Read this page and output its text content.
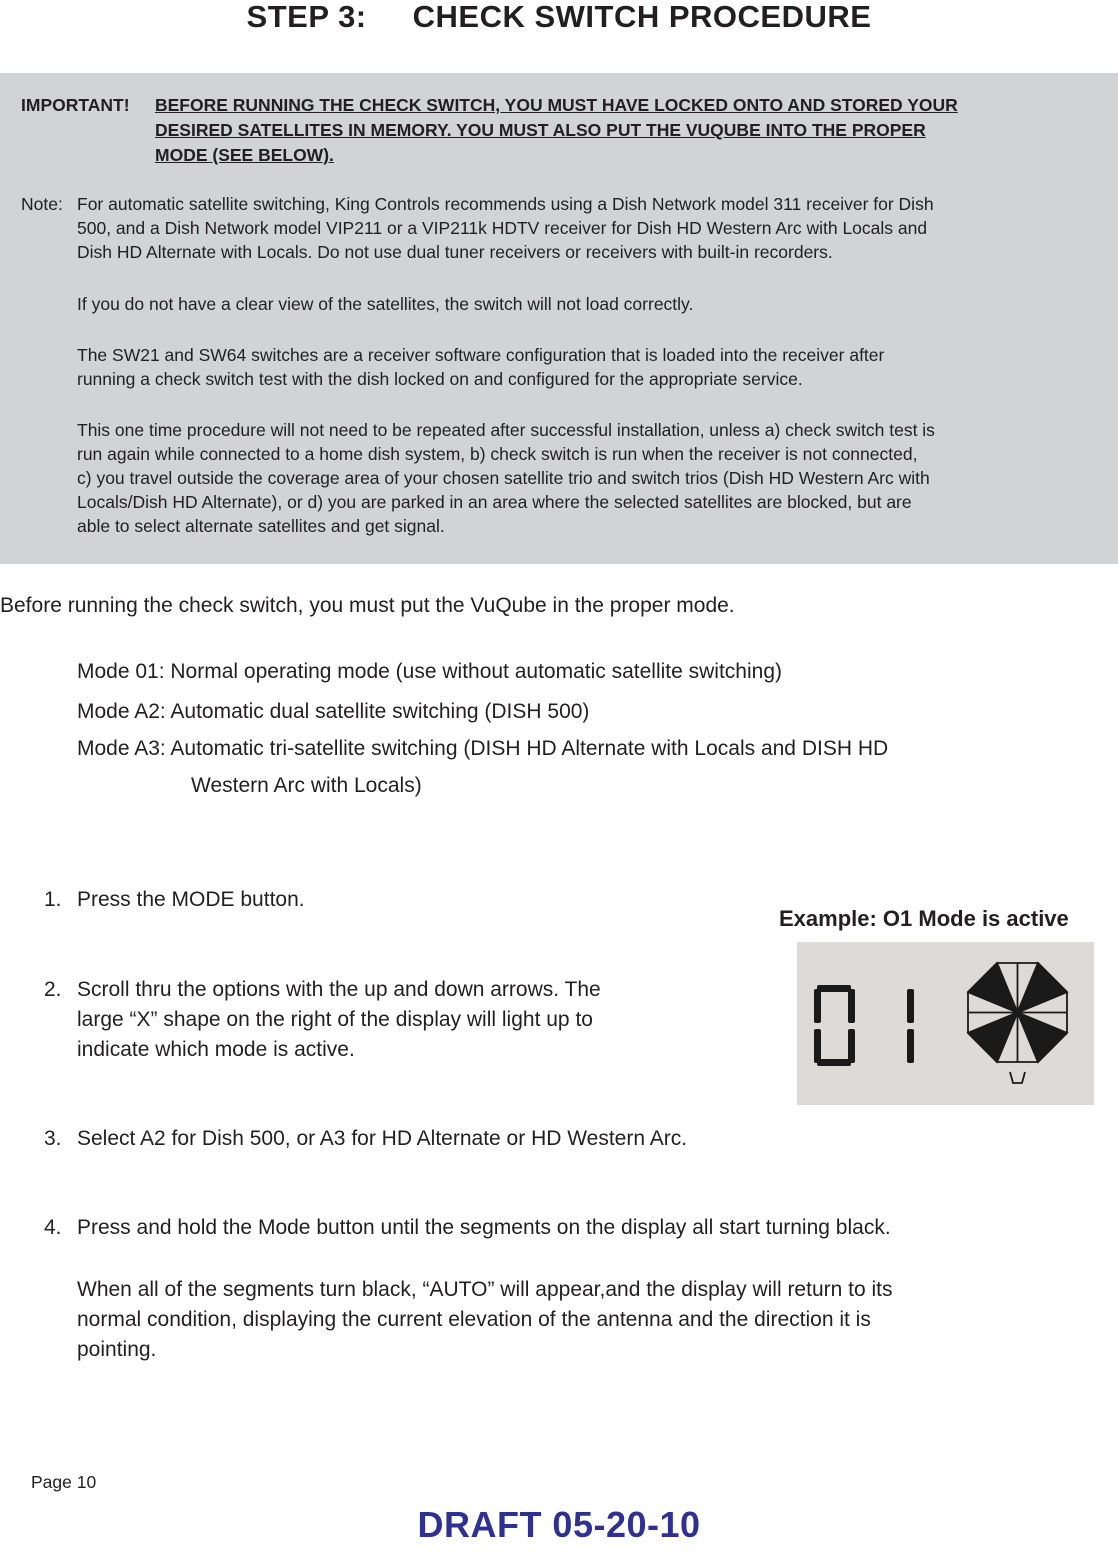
STEP 3: CHECK SWITCH PROCEDURE
IMPORTANT! BEFORE RUNNING THE CHECK SWITCH, YOU MUST HAVE LOCKED ONTO AND STORED YOUR
DESIRED SATELLITES IN MEMORY. YOU MUST ALSO PUT THE VUQUBE INTO THE PROPER
MODE (SEE BELOW).
Note: For automatic satellite switching, King Controls recommends using a Dish Network model 311 receiver for Dish
500, and a Dish Network model VIP211 or a VIP211k HDTV receiver for Dish HD Western Arc with Locals and
Dish HD Alternate with Locals. Do not use dual tuner receivers or receivers with built-in recorders.
If you do not have a clear view of the satellites, the switch will not load correctly.
The SW21 and SW64 switches are a receiver software configuration that is loaded into the receiver after
running a check switch test with the dish locked on and configured for the appropriate service.
This one time procedure will not need to be repeated after successful installation, unless a) check switch test is
run again while connected to a home dish system, b) check switch is run when the receiver is not connected,
c) you travel outside the coverage area of your chosen satellite trio and switch trios (Dish HD Western Arc with
Locals/Dish HD Alternate), or d) you are parked in an area where the selected satellites are blocked, but are
able to select alternate satellites and get signal.
Before running the check switch, you must put the VuQube in the proper mode.
Mode 01: Normal operating mode (use without automatic satellite switching)
Mode A2: Automatic dual satellite switching (DISH 500)
Mode A3: Automatic tri-satellite switching (DISH HD Alternate with Locals and DISH HD
Western Arc with Locals)
1. Press the MODE button.
2. Scroll thru the options with the up and down arrows. The
large “X” shape on the right of the display will light up to
indicate which mode is active.
3. Select A2 for Dish 500, or A3 for HD Alternate or HD Western Arc.
4. Press and hold the Mode button until the segments on the display all start turning black.
When all of the segments turn black, “AUTO” will appear,and the display will return to its
normal condition, displaying the current elevation of the antenna and the direction it is
pointing.
Example: O1 Mode is active
Page 10
DRAFT 05-20-10
